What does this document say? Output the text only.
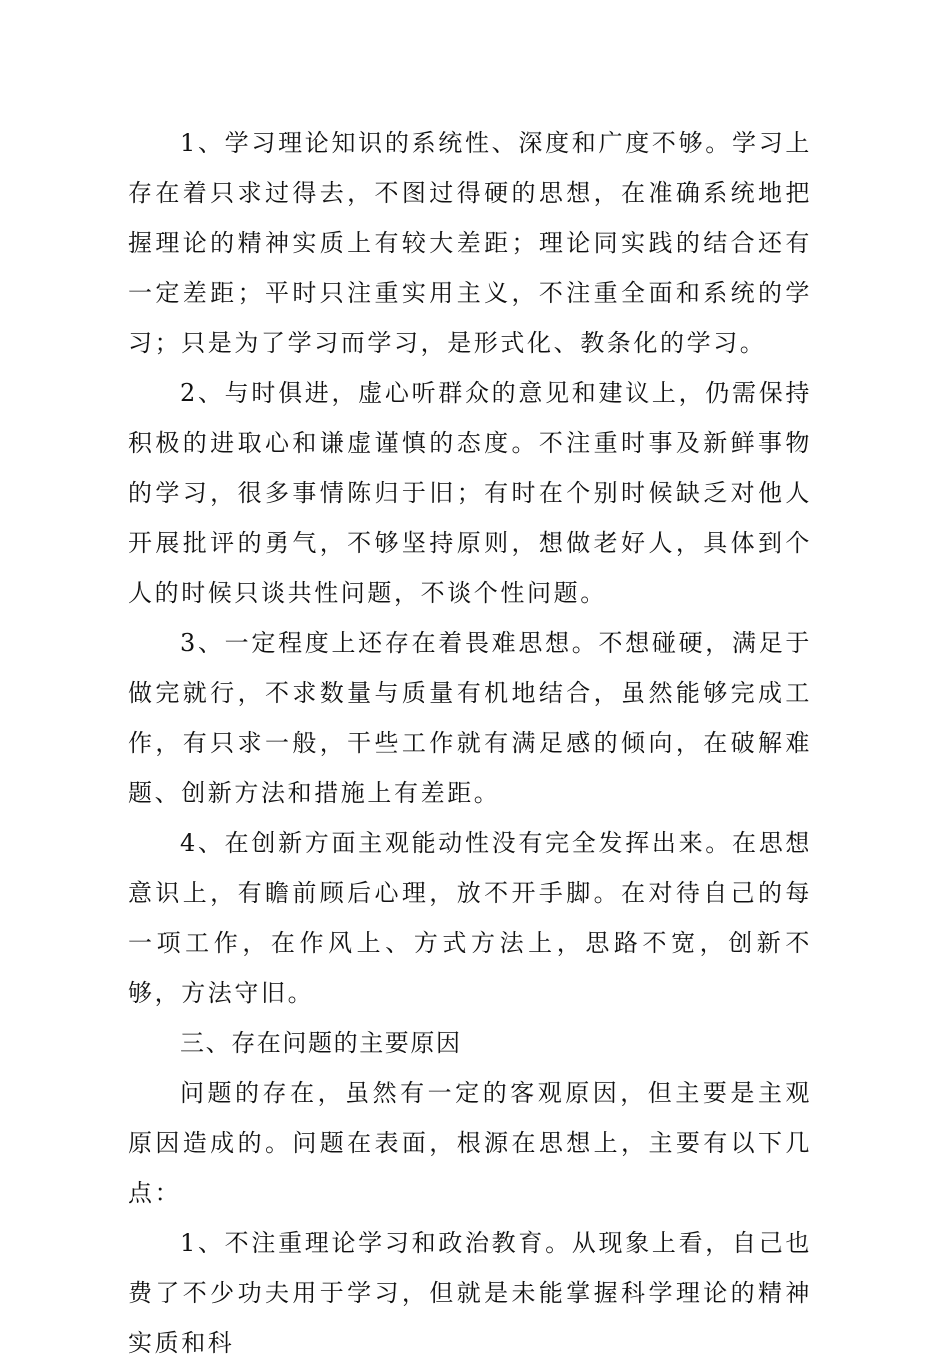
1、学习理论知识的系统性、深度和广度不够。学习上存在着只求过得去，不图过得硬的思想，在准确系统地把握理论的精神实质上有较大差距；理论同实践的结合还有一定差距；平时只注重实用主义，不注重全面和系统的学习；只是为了学习而学习，是形式化、教条化的学习。

2、与时俱进，虚心听群众的意见和建议上，仍需保持积极的进取心和谦虚谨慎的态度。不注重时事及新鲜事物的学习，很多事情陈归于旧；有时在个别时候缺乏对他人开展批评的勇气，不够坚持原则，想做老好人，具体到个人的时候只谈共性问题，不谈个性问题。

3、一定程度上还存在着畏难思想。不想碰硬，满足于做完就行，不求数量与质量有机地结合，虽然能够完成工作，有只求一般，干些工作就有满足感的倾向，在破解难题、创新方法和措施上有差距。

4、在创新方面主观能动性没有完全发挥出来。在思想意识上，有瞻前顾后心理，放不开手脚。在对待自己的每一项工作，在作风上、方式方法上，思路不宽，创新不够，方法守旧。

三、存在问题的主要原因

问题的存在，虽然有一定的客观原因，但主要是主观原因造成的。问题在表面，根源在思想上，主要有以下几点：

1、不注重理论学习和政治教育。从现象上看，自己也费了不少功夫用于学习，但就是未能掌握科学理论的精神实质和科
